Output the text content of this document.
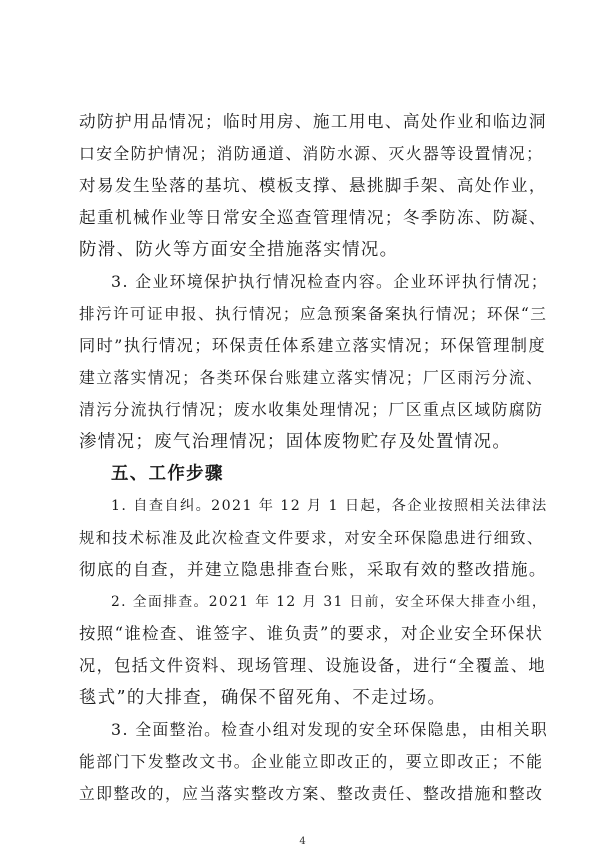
动防护用品情况；临时用房、施工用电、高处作业和临边洞
口安全防护情况；消防通道、消防水源、灭火器等设置情况；
对易发生坠落的基坑、模板支撑、悬挑脚手架、高处作业，
起重机械作业等日常安全巡查管理情况；冬季防冻、防凝、
防滑、防火等方面安全措施落实情况。
3. 企业环境保护执行情况检查内容。企业环评执行情况；
排污许可证申报、执行情况；应急预案备案执行情况；环保“三
同时”执行情况；环保责任体系建立落实情况；环保管理制度
建立落实情况；各类环保台账建立落实情况；厂区雨污分流、
清污分流执行情况；废水收集处理情况；厂区重点区域防腐防
渗情况；废气治理情况；固体废物贮存及处置情况。
五、工作步骤
1. 自查自纠。2021 年 12 月 1 日起，各企业按照相关法律法
规和技术标准及此次检查文件要求，对安全环保隐患进行细致、
彻底的自查，并建立隐患排查台账，采取有效的整改措施。
2. 全面排查。2021 年 12 月 31 日前，安全环保大排查小组，
按照“谁检查、谁签字、谁负责”的要求，对企业安全环保状
况，包括文件资料、现场管理、设施设备，进行“全覆盖、地
毯式”的大排查，确保不留死角、不走过场。
3. 全面整治。检查小组对发现的安全环保隐患，由相关职
能部门下发整改文书。企业能立即改正的，要立即改正；不能
立即整改的，应当落实整改方案、整改责任、整改措施和整改
4
